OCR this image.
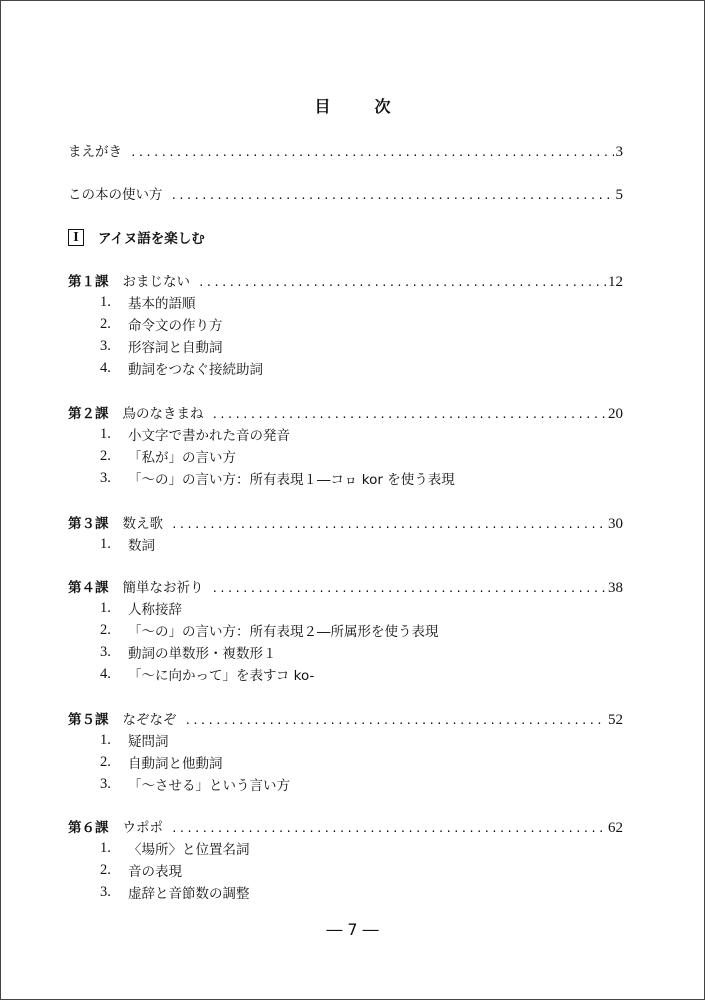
目　次
まえがき .....	3
この本の使い方 .....	5
I	アイヌ語を楽しむ
第１課 おまじない .....	12
1.	基本的語順
2.	命令文の作り方
3.	形容詞と自動詞
4.	動詞をつなぐ接続助詞
第２課 鳥のなきまね .....	20
1.	小文字で書かれた音の発音
2.	「私が」の言い方
3.	「～の」の言い方：所有表現１―コㇿ kor を使う表現
第３課 数え歌 .....	30
1.	数詞
第４課 簡単なお祈り .....	38
1.	人称接辞
2.	「～の」の言い方：所有表現２―所属形を使う表現
3.	動詞の単数形・複数形１
4.	「～に向かって」を表すコ ko-
第５課 なぞなぞ .....	52
1.	疑問詞
2.	自動詞と他動詞
3.	「～させる」という言い方
第６課 ウポポ .....	62
1.	〈場所〉と位置名詞
2.	音の表現
3.	虚辞と音節数の調整
― 7 ―
